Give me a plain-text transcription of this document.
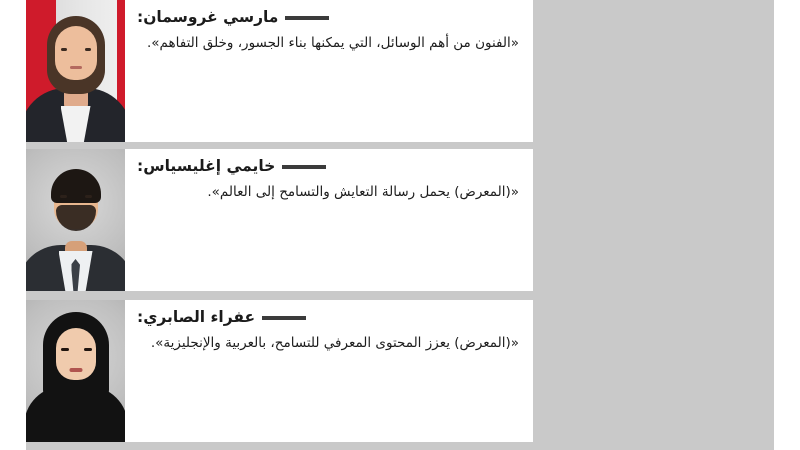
مارسي غروسمان:
«الفنون من أهم الوسائل، التي يمكنها بناء الجسور، وخلق التفاهم».
خايمي إغليسياس:
«(المعرض) يحمل رسالة التعايش والتسامح إلى العالم».
عفراء الصابري:
«(المعرض) يعزز المحتوى المعرفي للتسامح، بالعربية والإنجليزية».
